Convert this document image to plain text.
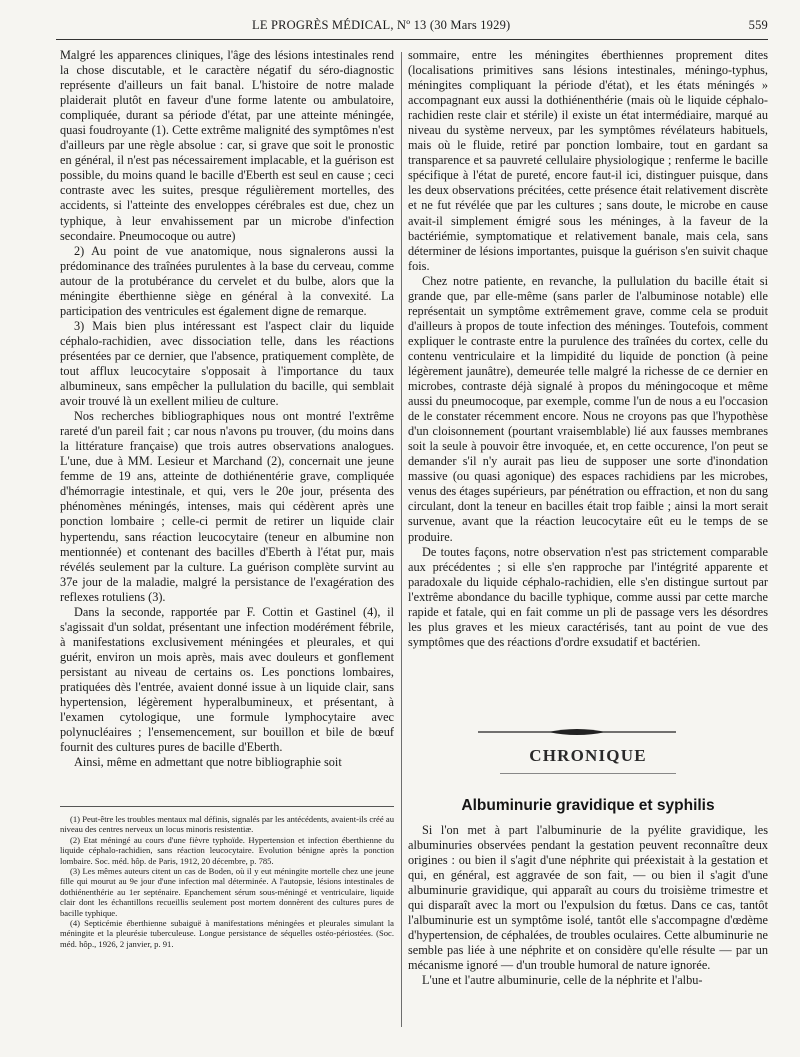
LE PROGRÈS MÉDICAL, Nº 13 (30 Mars 1929)	559

Malgré les apparences cliniques, l'âge des lésions intestinales rend la chose discutable, et le caractère négatif du séro-diagnostic représente d'ailleurs un fait banal. L'histoire de notre malade plaiderait plutôt en faveur d'une forme latente ou ambulatoire, compliquée, durant sa période d'état, par une atteinte méningée, quasi foudroyante (1). Cette extrême malignité des symptômes n'est d'ailleurs par une règle absolue : car, si grave que soit le pronostic en général, il n'est pas nécessairement implacable, et la guérison est possible, du moins quand le bacille d'Eberth est seul en cause ; ceci contraste avec les suites, presque régulièrement mortelles, des accidents, si l'atteinte des enveloppes cérébrales est due, chez un typhique, à leur envahissement par un microbe d'infection secondaire. Pneumocoque ou autre)

2) Au point de vue anatomique, nous signalerons aussi la prédominance des traînées purulentes à la base du cerveau, comme autour de la protubérance du cervelet et du bulbe, alors que la méningite éberthienne siège en général à la convexité. La participation des ventricules est également digne de remarque.

3) Mais bien plus intéressant est l'aspect clair du liquide céphalo-rachidien, avec dissociation telle, dans les réactions présentées par ce dernier, que l'absence, pratiquement complète, de tout afflux leucocytaire s'opposait à l'importance du taux albumineux, sans empêcher la pullulation du bacille, qui semblait avoir trouvé là un exellent milieu de culture.

Nos recherches bibliographiques nous ont montré l'extrême rareté d'un pareil fait ; car nous n'avons pu trouver, (du moins dans la littérature française) que trois autres observations analogues. L'une, due à MM. Lesieur et Marchand (2), concernait une jeune femme de 19 ans, atteinte de dothiénentérie grave, compliquée d'hémorragie intestinale, et qui, vers le 20e jour, présenta des phénomènes méningés, intenses, mais qui cédèrent après une ponction lombaire ; celle-ci permit de retirer un liquide clair hypertendu, sans réaction leucocytaire (teneur en albumine non mentionnée) et contenant des bacilles d'Eberth à l'état pur, mais révélés seulement par la culture. La guérison complète survint au 37e jour de la maladie, malgré la persistance de l'exagération des reflexes rotuliens (3).

Dans la seconde, rapportée par F. Cottin et Gastinel (4), il s'agissait d'un soldat, présentant une infection modérément fébrile, à manifestations exclusivement méningées et pleurales, et qui guérit, environ un mois après, mais avec douleurs et gonflement persistant au niveau de certains os. Les ponctions lombaires, pratiquées dès l'entrée, avaient donné issue à un liquide clair, sans hypertension, légèrement hyperalbumineux, et présentant, à l'examen cytologique, une formule lymphocytaire avec polynucléaires ; l'ensemencement, sur bouillon et bile de bœuf fournit des cultures pures de bacille d'Eberth.

Ainsi, même en admettant que notre bibliographie soit

(1) Peut-être les troubles mentaux mal définis, signalés par les antécédents, avaient-ils créé au niveau des centres nerveux un locus minoris resistentiæ.

(2) Etat méningé au cours d'une fièvre typhoïde. Hypertension et infection éberthienne du liquide céphalo-rachidien, sans réaction leucocytaire. Evolution bénigne après la ponction lombaire. Soc. méd. hôp. de Paris, 1912, 20 décembre, p. 785.

(3) Les mêmes auteurs citent un cas de Boden, où il y eut méningite mortelle chez une jeune fille qui mourut au 9e jour d'une infection mal déterminée. A l'autopsie, lésions intestinales de dothiénenthérie au 1er septénaire. Epanchement sérum sous-méningé et ventriculaire, liquide clair dont les échantillons recueillis seulement post mortem donnèrent des cultures pures de bacille typhique.

(4) Septicémie éberthienne subaiguë à manifestations méningées et pleurales simulant la méningite et la pleurésie tuberculeuse. Longue persistance de séquelles ostéo-périostées. (Soc. méd. hôp., 1926, 2 janvier, p. 91.

sommaire, entre les méningites éberthiennes proprement dites (localisations primitives sans lésions intestinales, méningo-typhus, méningites compliquant la période d'état), et les états méningés » accompagnant eux aussi la dothiénenthérie (mais où le liquide céphalo-rachidien reste clair et stérile) il existe un état intermédiaire, marqué au niveau du système nerveux, par les symptômes révélateurs habituels, mais où le fluide, retiré par ponction lombaire, tout en gardant sa transparence et sa pauvreté cellulaire physiologique ; renferme le bacille spécifique à l'état de pureté, encore faut-il ici, distinguer puisque, dans les deux observations précitées, cette présence était relativement discrète et ne fut révélée que par les cultures ; sans doute, le microbe en cause avait-il simplement émigré sous les méninges, à la faveur de la bactériémie, symptomatique et relativement banale, mais cela, sans déterminer de lésions importantes, puisque la guérison s'en suivit chaque fois.

Chez notre patiente, en revanche, la pullulation du bacille était si grande que, par elle-même (sans parler de l'albuminose notable) elle représentait un symptôme extrêmement grave, comme cela se produit d'ailleurs à propos de toute infection des méninges. Toutefois, comment expliquer le contraste entre la purulence des traînées du cortex, celle du contenu ventriculaire et la limpidité du liquide de ponction (à peine légèrement jaunâtre), demeurée telle malgré la richesse de ce dernier en microbes, contraste déjà signalé à propos du méningocoque et même aussi du pneumocoque, par exemple, comme l'un de nous a eu l'occasion de le constater récemment encore. Nous ne croyons pas que l'hypothèse d'un cloisonnement (pourtant vraisemblable) lié aux fausses membranes soit la seule à pouvoir être invoquée, et, en cette occurence, l'on peut se demander s'il n'y aurait pas lieu de supposer une sorte d'inondation massive (ou quasi agonique) des espaces rachidiens par les microbes, venus des étages supérieurs, par pénétration ou effraction, et non du sang circulant, dont la teneur en bacilles était trop faible ; ainsi la mort serait survenue, avant que la réaction leucocytaire eût eu le temps de se produire.

De toutes façons, notre observation n'est pas strictement comparable aux précédentes ; si elle s'en rapproche par l'intégrité apparente et paradoxale du liquide céphalo-rachidien, elle s'en distingue surtout par l'extrême abondance du bacille typhique, comme aussi par cette marche rapide et fatale, qui en fait comme un pli de passage vers les désordres les plus graves et les mieux caractérisés, tant au point de vue des symptômes que des réactions d'ordre exsudatif et bactérien.

CHRONIQUE
Albuminurie gravidique et syphilis

Si l'on met à part l'albuminurie de la pyélite gravidique, les albuminuries observées pendant la gestation peuvent reconnaître deux origines : ou bien il s'agit d'une néphrite qui préexistait à la gestation et qui, en général, est aggravée de son fait, — ou bien il s'agit d'une albuminurie gravidique, qui apparaît au cours du troisième trimestre et qui disparaît avec la mort ou l'expulsion du fœtus. Dans ce cas, tantôt l'albuminurie est un symptôme isolé, tantôt elle s'accompagne d'œdème d'hypertension, de céphalées, de troubles oculaires. Cette albuminurie ne semble pas liée à une néphrite et on considère qu'elle résulte — par un mécanisme ignoré — d'un trouble humoral de nature ignorée.

L'une et l'autre albuminurie, celle de la néphrite et l'albu-
